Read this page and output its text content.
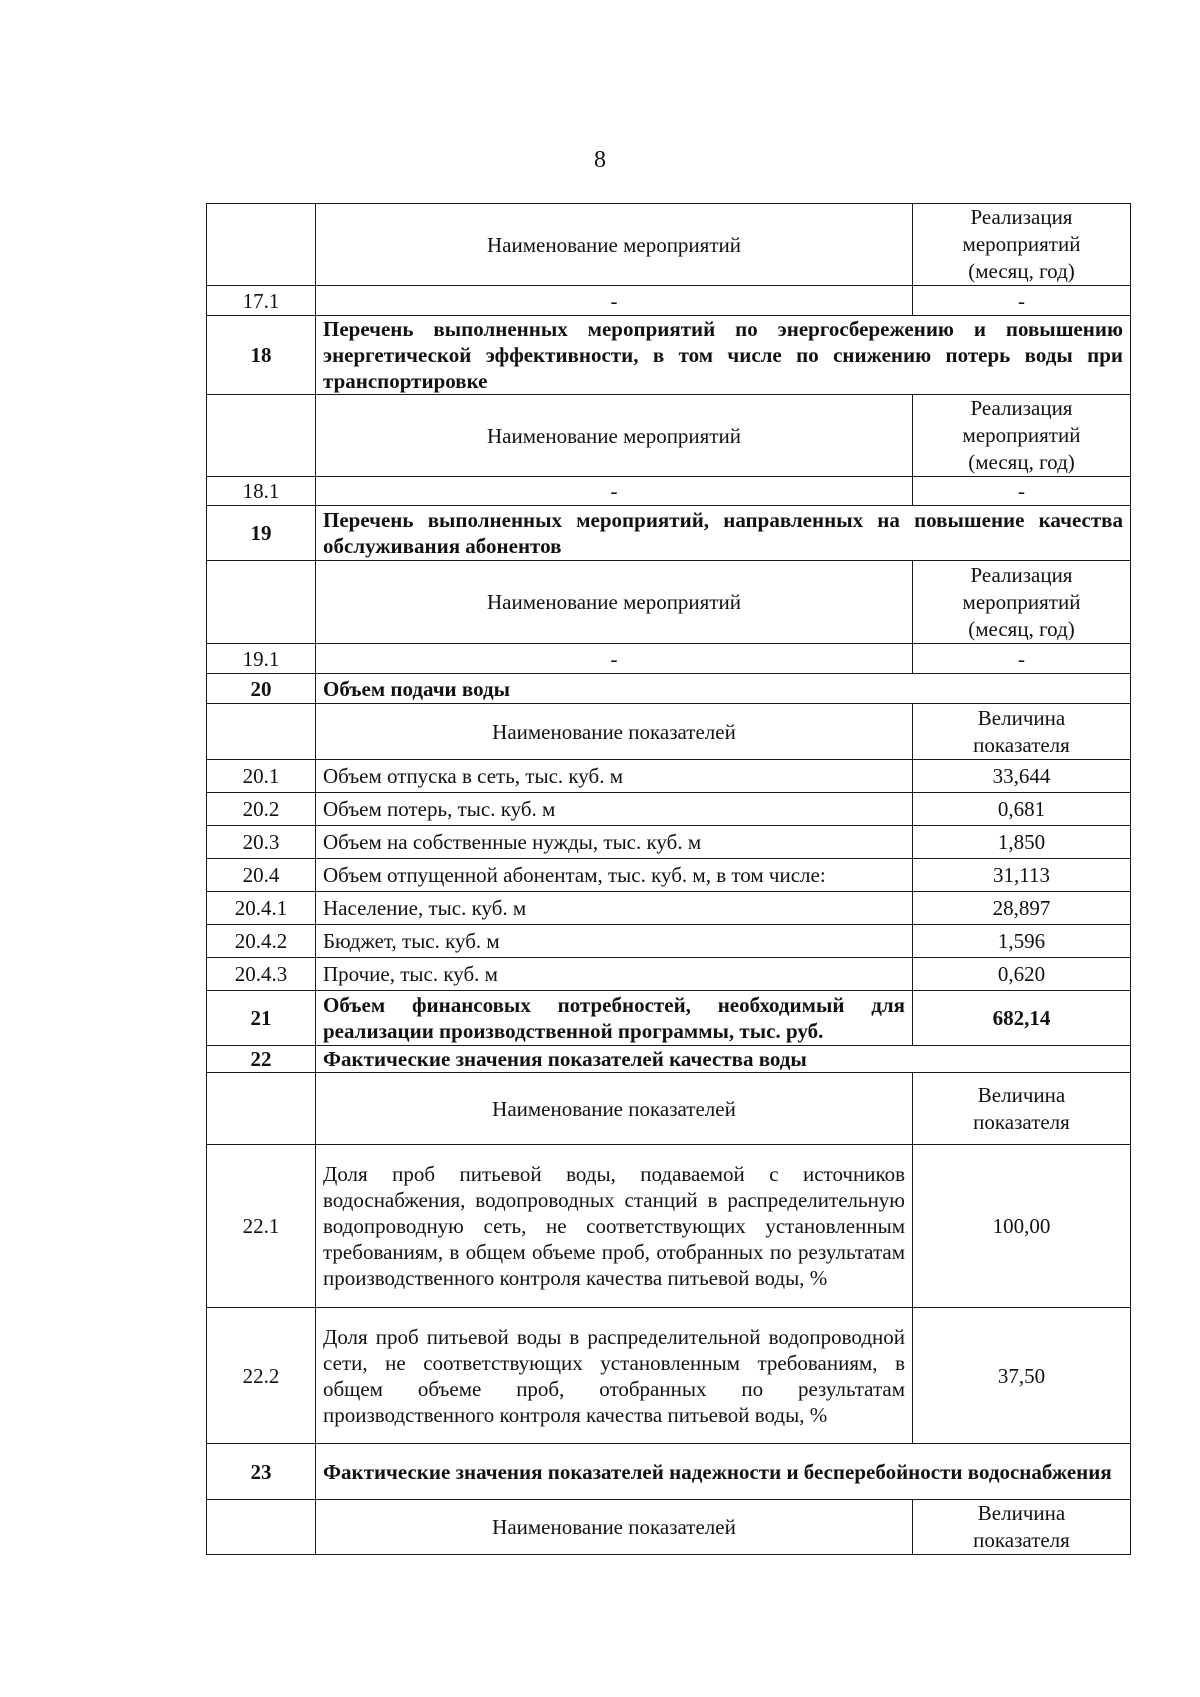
8
	Наименование мероприятий	Реализация
мероприятий
(месяц, год)

17.1	-	-
18	Перечень выполненных мероприятий по энергосбережению и повышению энергетической эффективности, в том числе по снижению потерь воды при транспортировке	
	Наименование мероприятий	Реализация
мероприятий
(месяц, год)

18.1	-	-
19	Перечень выполненных мероприятий, направленных на повышение качества обслуживания абонентов	
	Наименование мероприятий	Реализация
мероприятий
(месяц, год)

19.1	-	-
20	Объем подачи воды	
	Наименование показателей	Величина
показателя

20.1	Объем отпуска в сеть, тыс. куб. м	33,644
20.2	Объем потерь, тыс. куб. м	0,681
20.3	Объем на собственные нужды, тыс. куб. м	1,850
20.4	Объем отпущенной абонентам, тыс. куб. м, в том числе:	31,113
20.4.1	Население, тыс. куб. м	28,897
20.4.2	Бюджет, тыс. куб. м	1,596
20.4.3	Прочие, тыс. куб. м	0,620
21	Объем финансовых потребностей, необходимый для реализации производственной программы, тыс. руб.	682,14
22	Фактические значения показателей качества воды	
	Наименование показателей	Величина
показателя

22.1	Доля проб питьевой воды, подаваемой с источников водоснабжения, водопроводных станций в распределительную водопроводную сеть, не соответствующих установленным требованиям, в общем объеме проб, отобранных по результатам производственного контроля качества питьевой воды, %	100,00
22.2	Доля проб питьевой воды в распределительной водопроводной сети, не соответствующих установленным требованиям, в общем объеме проб, отобранных по результатам производственного контроля качества питьевой воды, %	37,50
23	Фактические значения показателей надежности и бесперебойности водоснабжения	
	Наименование показателей	Величина
показателя
